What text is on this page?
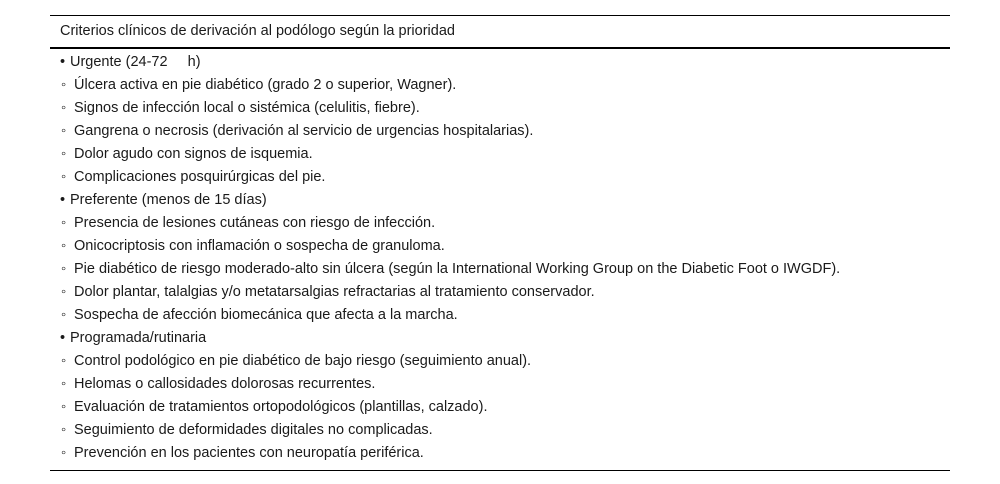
Criterios clínicos de derivación al podólogo según la prioridad
• Urgente (24-72     h)
◦ Úlcera activa en pie diabético (grado 2 o superior, Wagner).
◦ Signos de infección local o sistémica (celulitis, fiebre).
◦ Gangrena o necrosis (derivación al servicio de urgencias hospitalarias).
◦ Dolor agudo con signos de isquemia.
◦ Complicaciones posquirúrgicas del pie.
• Preferente (menos de 15 días)
◦ Presencia de lesiones cutáneas con riesgo de infección.
◦ Onicocriptosis con inflamación o sospecha de granuloma.
◦ Pie diabético de riesgo moderado-alto sin úlcera (según la International Working Group on the Diabetic Foot o IWGDF).
◦ Dolor plantar, talalgias y/o metatarsalgias refractarias al tratamiento conservador.
◦ Sospecha de afección biomecánica que afecta a la marcha.
• Programada/rutinaria
◦ Control podológico en pie diabético de bajo riesgo (seguimiento anual).
◦ Helomas o callosidades dolorosas recurrentes.
◦ Evaluación de tratamientos ortopodológicos (plantillas, calzado).
◦ Seguimiento de deformidades digitales no complicadas.
◦ Prevención en los pacientes con neuropatía periférica.
